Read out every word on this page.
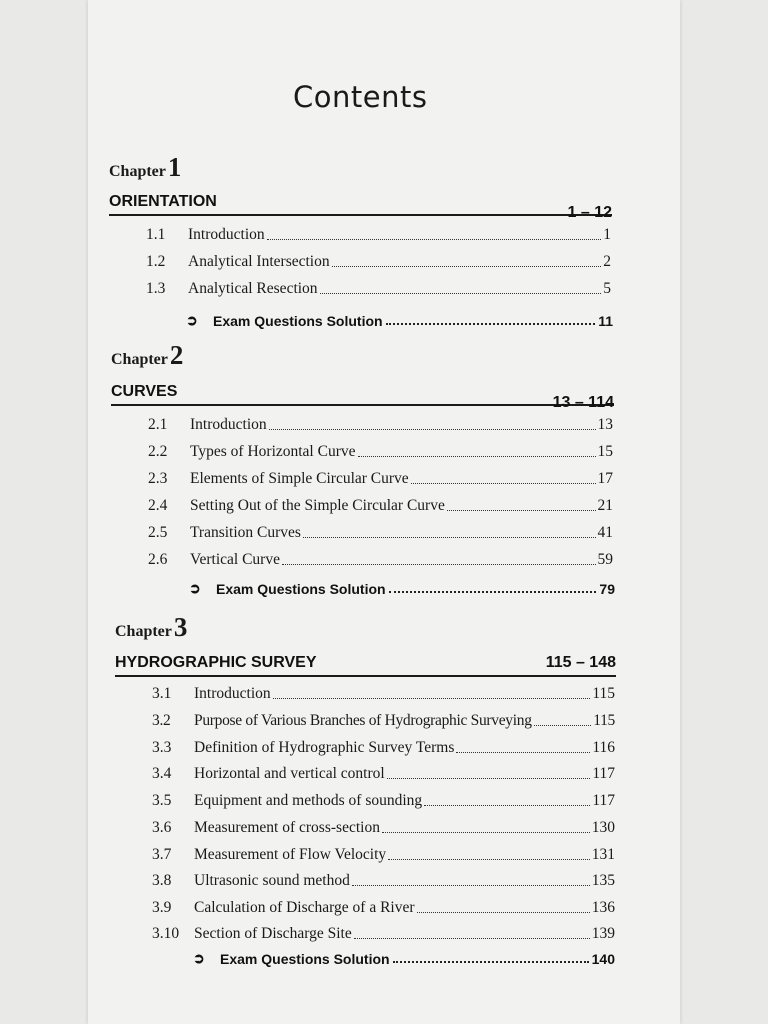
Contents
Chapter1
ORIENTATION
1 – 12
1.1	Introduction	1
1.2	Analytical Intersection	2
1.3	Analytical Resection	5
➲	Exam Questions Solution	11
Chapter2
CURVES
13 – 114
2.1	Introduction	13
2.2	Types of Horizontal Curve	15
2.3	Elements of Simple Circular Curve	17
2.4	Setting Out of the Simple Circular Curve	21
2.5	Transition Curves	41
2.6	Vertical Curve	59
➲	Exam Questions Solution	79
Chapter3
HYDROGRAPHIC SURVEY	115 – 148
3.1	Introduction	115
3.2	Purpose of Various Branches of Hydrographic Surveying	115
3.3	Definition of Hydrographic Survey Terms	116
3.4	Horizontal and vertical control	117
3.5	Equipment and methods of sounding	117
3.6	Measurement of cross-section	130
3.7	Measurement of Flow Velocity	131
3.8	Ultrasonic sound method	135
3.9	Calculation of Discharge of a River	136
3.10 Section of Discharge Site	139
➲	Exam Questions Solution	140
